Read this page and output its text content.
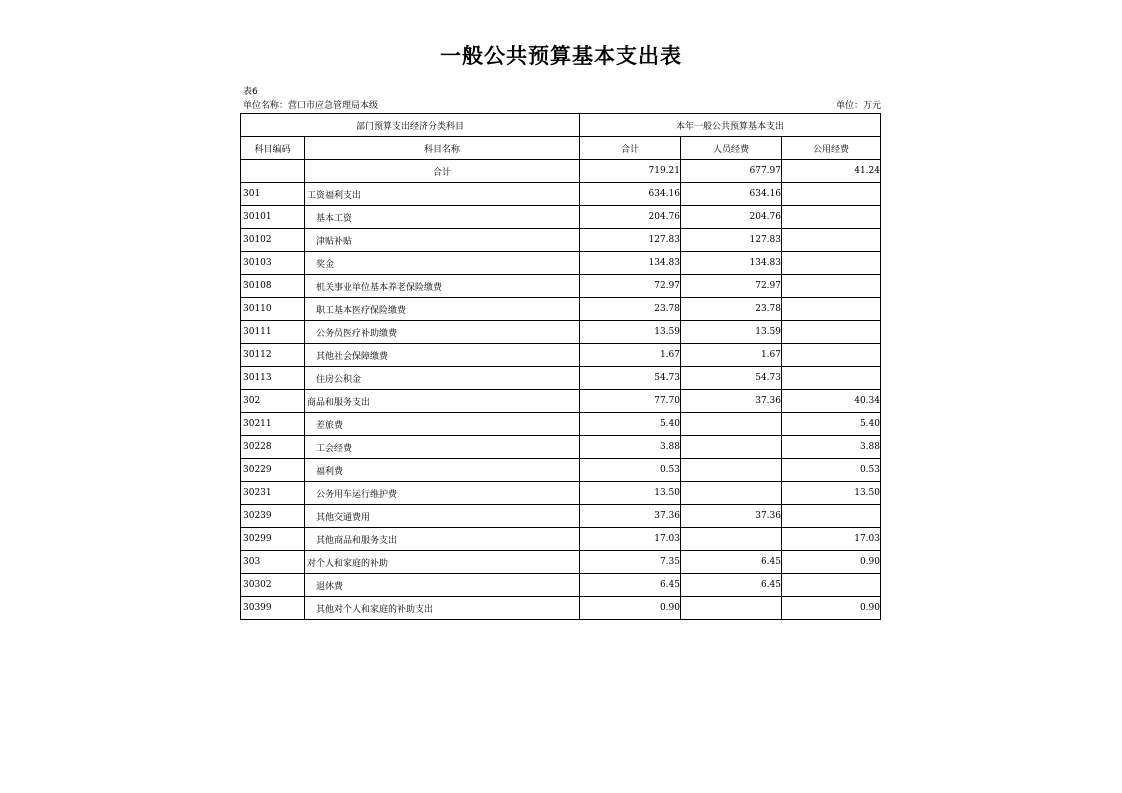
一般公共预算基本支出表
表6
单位名称：营口市应急管理局本级	单位：万元
部门预算支出经济分类科目		本年一般公共预算基本支出		
科目编码	科目名称	合计	人员经费	公用经费
	合计	719.21	677.97	41.24
301	工资福利支出	634.16	634.16	
30101	基本工资	204.76	204.76	
30102	津贴补贴	127.83	127.83	
30103	奖金	134.83	134.83	
30108	机关事业单位基本养老保险缴费	72.97	72.97	
30110	职工基本医疗保险缴费	23.78	23.78	
30111	公务员医疗补助缴费	13.59	13.59	
30112	其他社会保障缴费	1.67	1.67	
30113	住房公积金	54.73	54.73	
302	商品和服务支出	77.70	37.36	40.34
30211	差旅费	5.40		5.40
30228	工会经费	3.88		3.88
30229	福利费	0.53		0.53
30231	公务用车运行维护费	13.50		13.50
30239	其他交通费用	37.36	37.36	
30299	其他商品和服务支出	17.03		17.03
303	对个人和家庭的补助	7.35	6.45	0.90
30302	退休费	6.45	6.45	
30399	其他对个人和家庭的补助支出	0.90		0.90
